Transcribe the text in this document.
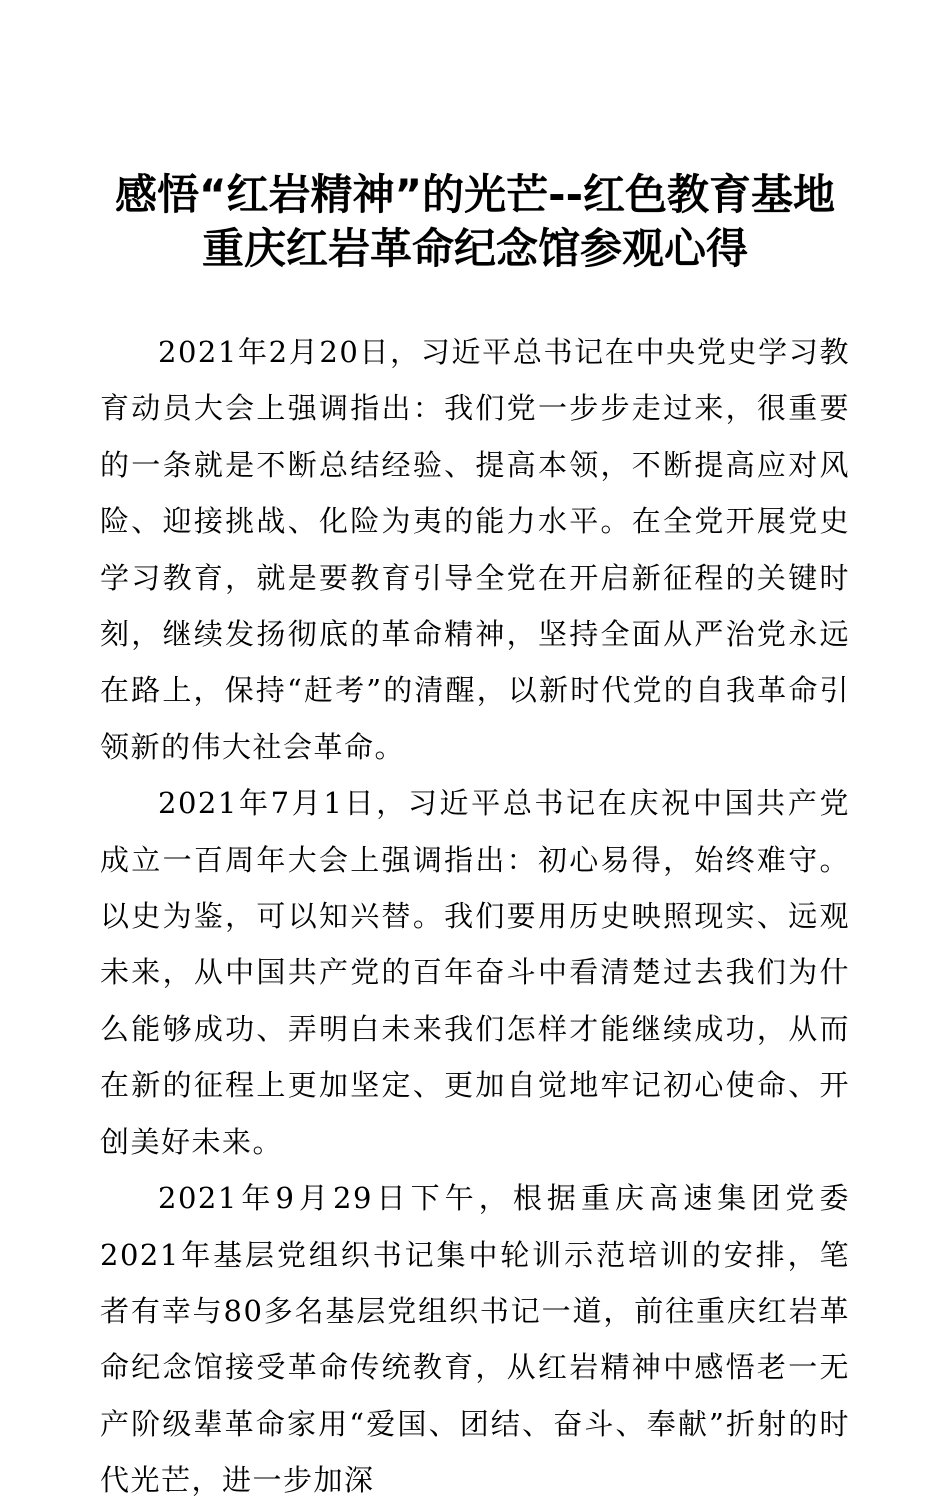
感悟“红岩精神”的光芒--红色教育基地
重庆红岩革命纪念馆参观心得

2021年2月20日，习近平总书记在中央党史学习教育动员大会上强调指出：我们党一步步走过来，很重要的一条就是不断总结经验、提高本领，不断提高应对风险、迎接挑战、化险为夷的能力水平。在全党开展党史学习教育，就是要教育引导全党在开启新征程的关键时刻，继续发扬彻底的革命精神，坚持全面从严治党永远在路上，保持“赶考”的清醒，以新时代党的自我革命引领新的伟大社会革命。

2021年7月1日，习近平总书记在庆祝中国共产党成立一百周年大会上强调指出：初心易得，始终难守。以史为鉴，可以知兴替。我们要用历史映照现实、远观未来，从中国共产党的百年奋斗中看清楚过去我们为什么能够成功、弄明白未来我们怎样才能继续成功，从而在新的征程上更加坚定、更加自觉地牢记初心使命、开创美好未来。

2021年9月29日下午，根据重庆高速集团党委2021年基层党组织书记集中轮训示范培训的安排，笔者有幸与80多名基层党组织书记一道，前往重庆红岩革命纪念馆接受革命传统教育，从红岩精神中感悟老一无产阶级辈革命家用“爱国、团结、奋斗、奉献”折射的时代光芒，进一步加深
